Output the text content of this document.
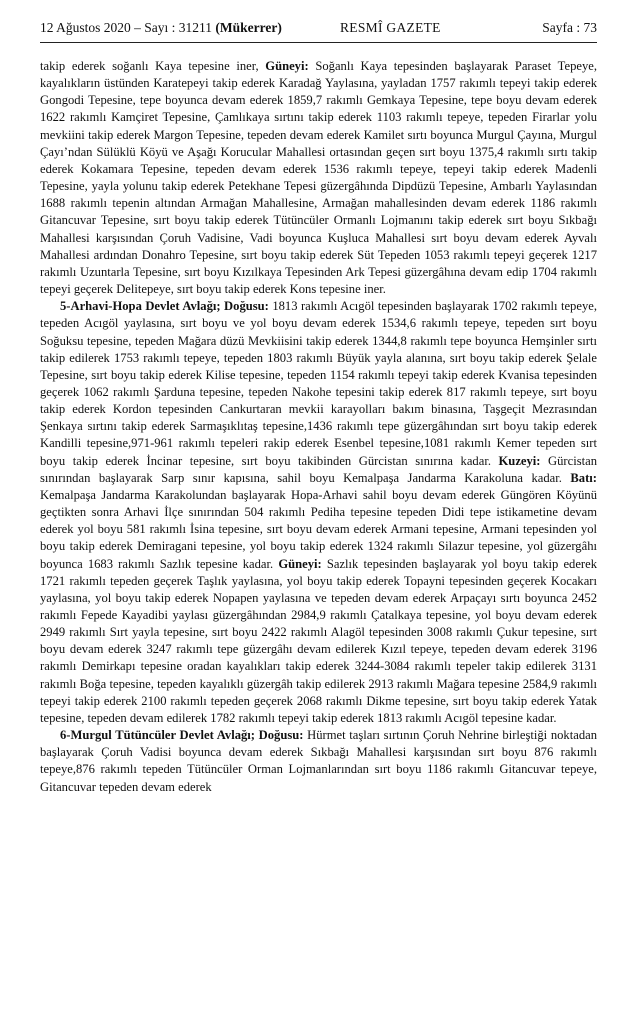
12 Ağustos 2020 – Sayı : 31211 (Mükerrer)	RESMÎ GAZETE	Sayfa : 73

takip ederek soğanlı Kaya tepesine iner, Güneyi: Soğanlı Kaya tepesinden başlayarak Paraset Tepeye, kayalıkların üstünden Karatepeyi takip ederek Karadağ Yaylasına, yayladan 1757 rakımlı tepeyi takip ederek Gongodi Tepesine, tepe boyunca devam ederek 1859,7 rakımlı Gemkaya Tepesine, tepe boyu devam ederek 1622 rakımlı Kamçiret Tepesine, Çamlıkaya sırtını takip ederek 1103 rakımlı tepeye, tepeden Firarlar yolu mevkiini takip ederek Margon Tepesine, tepeden devam ederek Kamilet sırtı boyunca Murgul Çayına, Murgul Çayı’ndan Sülüklü Köyü ve Aşağı Korucular Mahallesi ortasından geçen sırt boyu 1375,4 rakımlı sırtı takip ederek Kokamara Tepesine, tepeden devam ederek 1536 rakımlı tepeye, tepeyi takip ederek Madenli Tepesine, yayla yolunu takip ederek Petekhane Tepesi güzergâhında Dipdüzü Tepesine, Ambarlı Yaylasından 1688 rakımlı tepenin altından Armağan Mahallesine, Armağan mahallesinden devam ederek 1186 rakımlı Gitancuvar Tepesine, sırt boyu takip ederek Tütüncüler Ormanlı Lojmanını takip ederek sırt boyu Sıkbağı Mahallesi karşısından Çoruh Vadisine, Vadi boyunca Kuşluca Mahallesi sırt boyu devam ederek Ayvalı Mahallesi ardından Donahro Tepesine, sırt boyu takip ederek Süt Tepeden 1053 rakımlı tepeyi geçerek 1217 rakımlı Uzuntarla Tepesine, sırt boyu Kızılkaya Tepesinden Ark Tepesi güzergâhına devam edip 1704 rakımlı tepeyi geçerek Delitepeye, sırt boyu takip ederek Kons tepesine iner.

5-Arhavi-Hopa Devlet Avlağı; Doğusu: 1813 rakımlı Acıgöl tepesinden başlayarak 1702 rakımlı tepeye, tepeden Acıgöl yaylasına, sırt boyu ve yol boyu devam ederek 1534,6 rakımlı tepeye, tepeden sırt boyu Soğuksu tepesine, tepeden Mağara düzü Mevkiisini takip ederek 1344,8 rakımlı tepe boyunca Hemşinler sırtı takip edilerek 1753 rakımlı tepeye, tepeden 1803 rakımlı Büyük yayla alanına, sırt boyu takip ederek Şelale Tepesine, sırt boyu takip ederek Kilise tepesine, tepeden 1154 rakımlı tepeyi takip ederek Kvanisa tepesinden geçerek 1062 rakımlı Şarduna tepesine, tepeden Nakohe tepesini takip ederek 817 rakımlı tepeye, sırt boyu takip ederek Kordon tepesinden Cankurtaran mevkii karayolları bakım binasına, Taşgeçit Mezrasından Şenkaya sırtını takip ederek Sarmaşıklıtaş tepesine,1436 rakımlı tepe güzergâhından sırt boyu takip ederek Kandilli tepesine,971-961 rakımlı tepeleri rakip ederek Esenbel tepesine,1081 rakımlı Kemer tepeden sırt boyu takip ederek İncinar tepesine, sırt boyu takibinden Gürcistan sınırına kadar. Kuzeyi: Gürcistan sınırından başlayarak Sarp sınır kapısına, sahil boyu Kemalpaşa Jandarma Karakoluna kadar. Batı: Kemalpaşa Jandarma Karakolundan başlayarak Hopa-Arhavi sahil boyu devam ederek Güngören Köyünü geçtikten sonra Arhavi İlçe sınırından 504 rakımlı Pediha tepesine tepeden Didi tepe istikametine devam ederek yol boyu 581 rakımlı İsina tepesine, sırt boyu devam ederek Armani tepesine, Armani tepesinden yol boyu takip ederek Demiragani tepesine, yol boyu takip ederek 1324 rakımlı Silazur tepesine, yol güzergâhı boyunca 1683 rakımlı Sazlık tepesine kadar. Güneyi: Sazlık tepesinden başlayarak yol boyu takip ederek 1721 rakımlı tepeden geçerek Taşlık yaylasına, yol boyu takip ederek Topayni tepesinden geçerek Kocakarı yaylasına, yol boyu takip ederek Nopapen yaylasına ve tepeden devam ederek Arpaçayı sırtı boyunca 2452 rakımlı Fepede Kayadibi yaylası güzergâhından 2984,9 rakımlı Çatalkaya tepesine, yol boyu devam ederek 2949 rakımlı Sırt yayla tepesine, sırt boyu 2422 rakımlı Alagöl tepesinden 3008 rakımlı Çukur tepesine, sırt boyu devam ederek 3247 rakımlı tepe güzergâhı devam edilerek Kızıl tepeye, tepeden devam ederek 3196 rakımlı Demirkapı tepesine oradan kayalıkları takip ederek 3244-3084 rakımlı tepeler takip edilerek 3131 rakımlı Boğa tepesine, tepeden kayalıklı güzergâh takip edilerek 2913 rakımlı Mağara tepesine 2584,9 rakımlı tepeyi takip ederek 2100 rakımlı tepeden geçerek 2068 rakımlı Dikme tepesine, sırt boyu takip ederek Yatak tepesine, tepeden devam edilerek 1782 rakımlı tepeyi takip ederek 1813 rakımlı Acıgöl tepesine kadar.

6-Murgul Tütüncüler Devlet Avlağı; Doğusu: Hürmet taşları sırtının Çoruh Nehrine birleştiği noktadan başlayarak Çoruh Vadisi boyunca devam ederek Sıkbağı Mahallesi karşısından sırt boyu 876 rakımlı tepeye,876 rakımlı tepeden Tütüncüler Orman Lojmanlarından sırt boyu 1186 rakımlı Gitancuvar tepeye, Gitancuvar tepeden devam ederek
